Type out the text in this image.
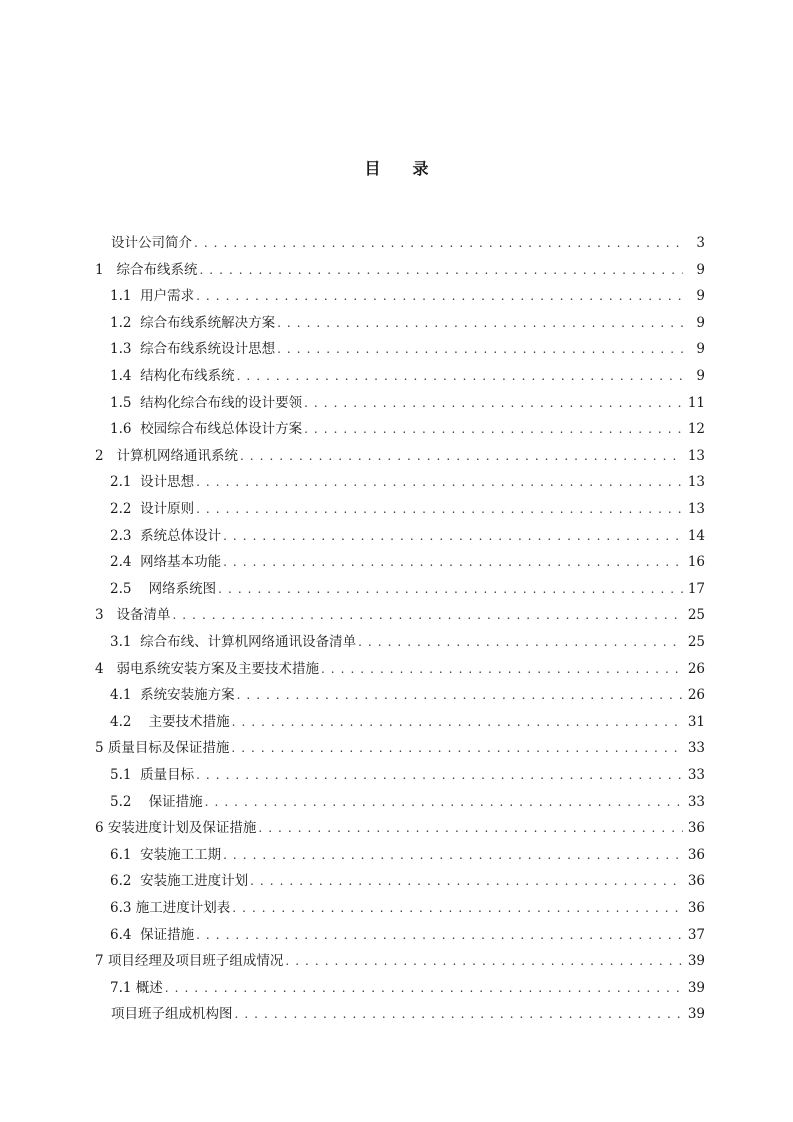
目 录
设计公司简介 . . .	3
1 综合布线系统 . . .	9
1.1 用户需求 . . .	9
1.2 综合布线系统解决方案 . . .	9
1.3 综合布线系统设计思想 . . .	9
1.4 结构化布线系统 . . .	9
1.5 结构化综合布线的设计要领 . . .	11
1.6 校园综合布线总体设计方案 . . .	12
2 计算机网络通讯系统 . . .	13
2.1 设计思想 . . .	13
2.2 设计原则 . . .	13
2.3 系统总体设计 . . .	14
2.4 网络基本功能 . . .	16
2.5 网络系统图 . . .	17
3 设备清单 . . .	25
3.1 综合布线、计算机网络通讯设备清单 . . .	25
4 弱电系统安装方案及主要技术措施 . . .	26
4.1 系统安装施方案 . . .	26
4.2 主要技术措施 . . .	31
5 质量目标及保证措施 . . .	33
5.1 质量目标 . . .	33
5.2 保证措施 . . .	33
6 安装进度计划及保证措施 . . .	36
6.1 安装施工工期 . . .	36
6.2 安装施工进度计划 . . .	36
6.3 施工进度计划表 . . .	36
6.4 保证措施 . . .	37
7 项目经理及项目班子组成情况 . . .	39
7.1 概述 . . .	39
项目班子组成机构图 . . .	39
